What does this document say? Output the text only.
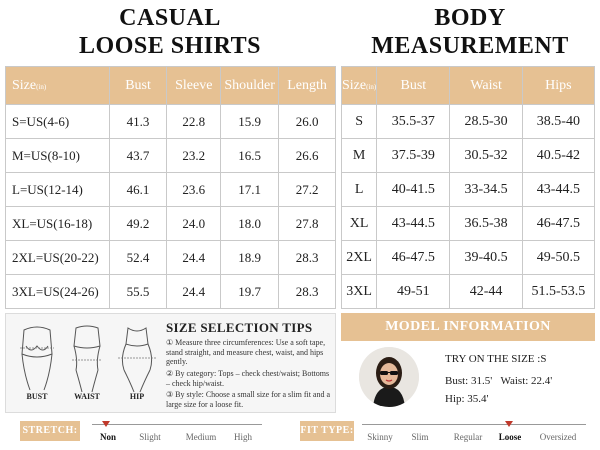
CASUAL
LOOSE SHIRTS
BODY
MEASUREMENT
Size(in)	Bust	Sleeve	Shoulder	Length
S=US(4-6)	41.3	22.8	15.9	26.0
M=US(8-10)	43.7	23.2	16.5	26.6
L=US(12-14)	46.1	23.6	17.1	27.2
XL=US(16-18)	49.2	24.0	18.0	27.8
2XL=US(20-22)	52.4	24.4	18.9	28.3
3XL=US(24-26)	55.5	24.4	19.7	28.3
Size(in)	Bust	Waist	Hips
S	35.5-37	28.5-30	38.5-40
M	37.5-39	30.5-32	40.5-42
L	40-41.5	33-34.5	43-44.5
XL	43-44.5	36.5-38	46-47.5
2XL	46-47.5	39-40.5	49-50.5
3XL	49-51	42-44	51.5-53.5
BUST	WAIST	HIP
SIZE SELECTION TIPS
① Measure three circumferences: Use a soft tape, stand straight, and measure chest, waist, and hips gently.
② By category: Tops – check chest/waist; Bottoms – check hip/waist.
③ By style: Choose a small size for a slim fit and a large size for a loose fit.
MODEL INFORMATION
TRY ON THE SIZE :S
Bust: 31.5' Waist: 22.4'
Hip: 35.4'
STRETCH:
Non	Slight	Medium	High
FIT TYPE:
Skinny	Slim	Regular	Loose	Oversized
